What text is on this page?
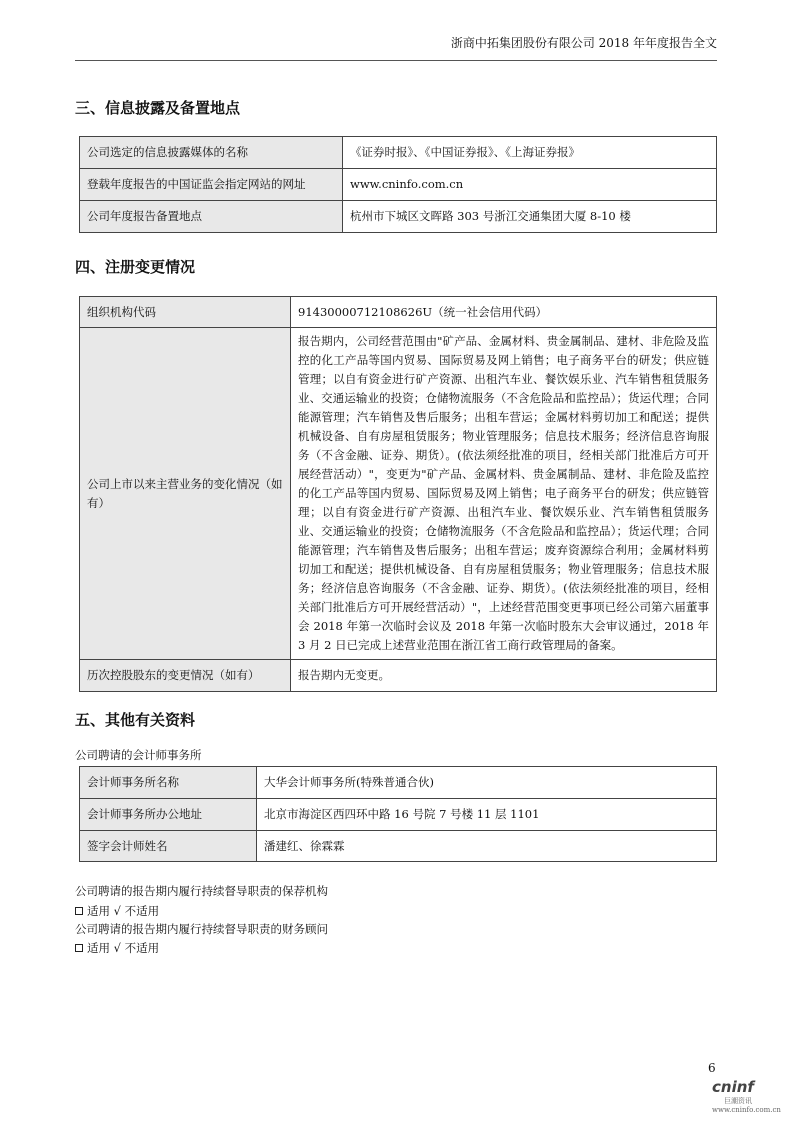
浙商中拓集团股份有限公司 2018 年年度报告全文
三、信息披露及备置地点
公司选定的信息披露媒体的名称	《证券时报》、《中国证券报》、《上海证券报》
登载年度报告的中国证监会指定网站的网址	www.cninfo.com.cn
公司年度报告备置地点	杭州市下城区文晖路 303 号浙江交通集团大厦 8-10 楼
四、注册变更情况
组织机构代码	91430000712108626U（统一社会信用代码）
公司上市以来主营业务的变化情况（如有）	报告期内，公司经营范围由"矿产品、金属材料、贵金属制品、建材、非危险及监控的化工产品等国内贸易、国际贸易及网上销售；电子商务平台的研发；供应链管理；以自有资金进行矿产资源、出租汽车业、餐饮娱乐业、汽车销售租赁服务业、交通运输业的投资；仓储物流服务（不含危险品和监控品）；货运代理；合同能源管理；汽车销售及售后服务；出租车营运；金属材料剪切加工和配送；提供机械设备、自有房屋租赁服务；物业管理服务；信息技术服务；经济信息咨询服务（不含金融、证券、期货）。(依法须经批准的项目，经相关部门批准后方可开展经营活动）"，变更为"矿产品、金属材料、贵金属制品、建材、非危险及监控的化工产品等国内贸易、国际贸易及网上销售；电子商务平台的研发；供应链管理；以自有资金进行矿产资源、出租汽车业、餐饮娱乐业、汽车销售租赁服务业、交通运输业的投资；仓储物流服务（不含危险品和监控品）；货运代理；合同能源管理；汽车销售及售后服务；出租车营运；废弃资源综合利用；金属材料剪切加工和配送；提供机械设备、自有房屋租赁服务；物业管理服务；信息技术服务；经济信息咨询服务（不含金融、证券、期货）。(依法须经批准的项目，经相关部门批准后方可开展经营活动）"，上述经营范围变更事项已经公司第六届董事会 2018 年第一次临时会议及 2018 年第一次临时股东大会审议通过，2018 年 3 月 2 日已完成上述营业范围在浙江省工商行政管理局的备案。
历次控股股东的变更情况（如有）	报告期内无变更。
五、其他有关资料
公司聘请的会计师事务所
会计师事务所名称	大华会计师事务所(特殊普通合伙)
会计师事务所办公地址	北京市海淀区西四环中路 16 号院 7 号楼 11 层 1101
签字会计师姓名	潘建红、徐霖霖
公司聘请的报告期内履行持续督导职责的保荐机构
适用 √ 不适用
公司聘请的报告期内履行持续督导职责的财务顾问
适用 √ 不适用
6
cninf
巨潮资讯
www.cninfo.com.cn
